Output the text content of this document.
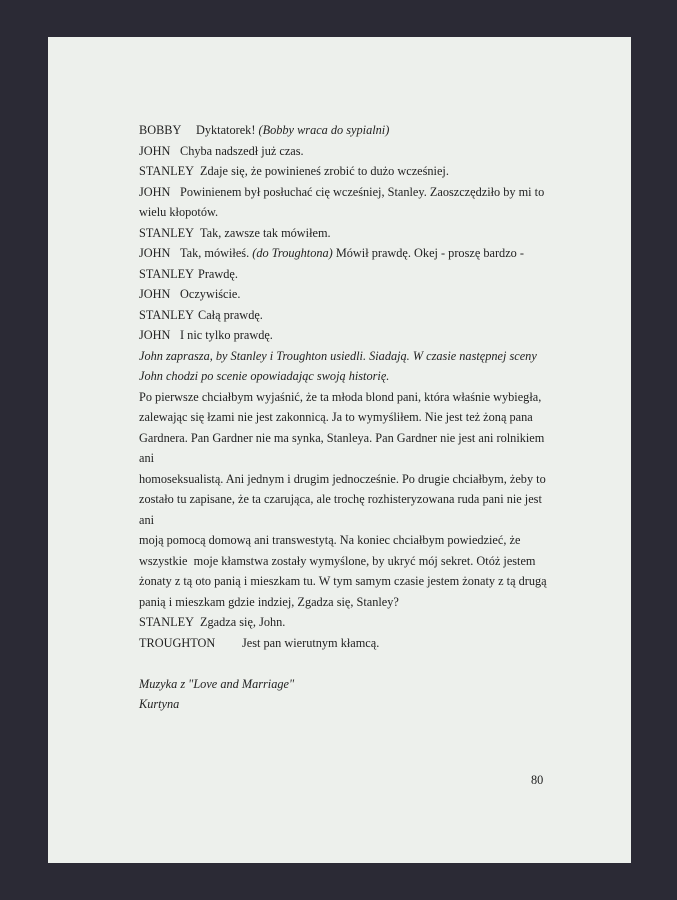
BOBBY Dyktatorek! (Bobby wraca do sypialni)

JOHN Chyba nadszedł już czas.

STANLEY Zdaje się, że powinieneś zrobić to dużo wcześniej.

JOHN Powinienem był posłuchać cię wcześniej, Stanley. Zaoszczędziło by mi to

wielu kłopotów.

STANLEY Tak, zawsze tak mówiłem.

JOHN Tak, mówiłeś. (do Troughtona) Mówił prawdę. Okej - proszę bardzo -

STANLEY Prawdę.

JOHN Oczywiście.

STANLEY Całą prawdę.

JOHN I nic tylko prawdę.

John zaprasza, by Stanley i Troughton usiedli. Siadają. W czasie następnej sceny

John chodzi po scenie opowiadając swoją historię.

Po pierwsze chciałbym wyjaśnić, że ta młoda blond pani, która właśnie wybiegła,

zalewając się łzami nie jest zakonnicą. Ja to wymyśliłem. Nie jest też żoną pana

Gardnera. Pan Gardner nie ma synka, Stanleya. Pan Gardner nie jest ani rolnikiem ani

homoseksualistą. Ani jednym i drugim jednocześnie. Po drugie chciałbym, żeby to

zostało tu zapisane, że ta czarująca, ale trochę rozhisteryzowana ruda pani nie jest ani

moją pomocą domową ani transwestytą. Na koniec chciałbym powiedzieć, że

wszystkie  moje kłamstwa zostały wymyślone, by ukryć mój sekret. Otóż jestem

żonaty z tą oto panią i mieszkam tu. W tym samym czasie jestem żonaty z tą drugą

panią i mieszkam gdzie indziej, Zgadza się, Stanley?

STANLEY Zgadza się, John.

TROUGHTON Jest pan wierutnym kłamcą.

Muzyka z "Love and Marriage"

Kurtyna

80
